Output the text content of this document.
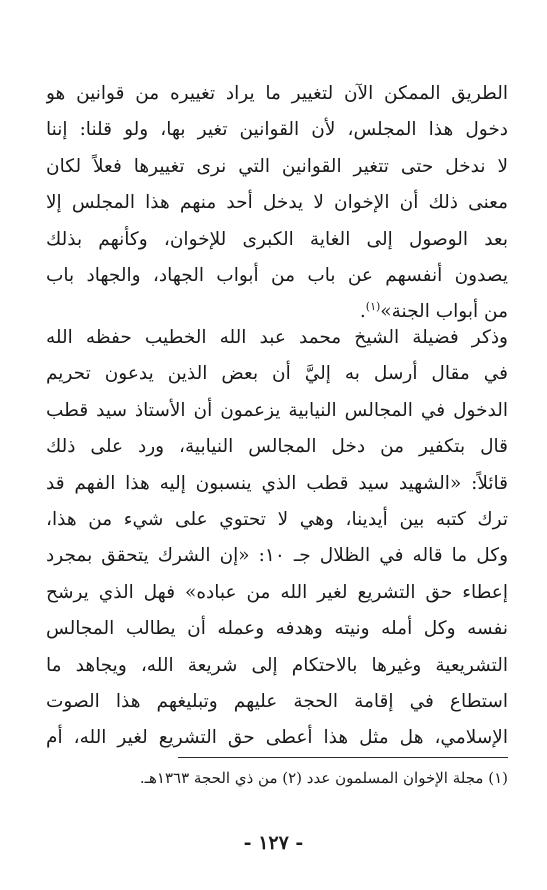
الطريق الممكن الآن لتغيير ما يراد تغييره من قوانين هو
دخول هذا المجلس، لأن القوانين تغير بها، ولو قلنا: إننا
لا ندخل حتى تتغير القوانين التي نرى تغييرها فعلاً لكان
معنى ذلك أن الإخوان لا يدخل أحد منهم هذا المجلس إلا
بعد الوصول إلى الغاية الكبرى للإخوان، وكأنهم بذلك
يصدون أنفسهم عن باب من أبواب الجهاد، والجهاد باب
من أبواب الجنة»$^{(١)}$.
وذكر فضيلة الشيخ محمد عبد الله الخطيب حفظه الله
في مقال أرسل به إليَّ أن بعض الذين يدعون تحريم
الدخول في المجالس النيابية يزعمون أن الأستاذ سيد قطب
قال بتكفير من دخل المجالس النيابية، ورد على ذلك
قائلاً: «الشهيد سيد قطب الذي ينسبون إليه هذا الفهم قد
ترك كتبه بين أيدينا، وهي لا تحتوي على شيء من هذا،
وكل ما قاله في الظلال جـ ١٠: «إن الشرك يتحقق بمجرد
إعطاء حق التشريع لغير الله من عباده» فهل الذي يرشح
نفسه وكل أمله ونيته وهدفه وعمله أن يطالب المجالس
التشريعية وغيرها بالاحتكام إلى شريعة الله، ويجاهد ما
استطاع في إقامة الحجة عليهم وتبليغهم هذا الصوت
الإسلامي، هل مثل هذا أعطى حق التشريع لغير الله، أم
(١) مجلة الإخوان المسلمون عدد (٢) من ذي الحجة ١٣٦٣هـ.
- ١٢٧ -
